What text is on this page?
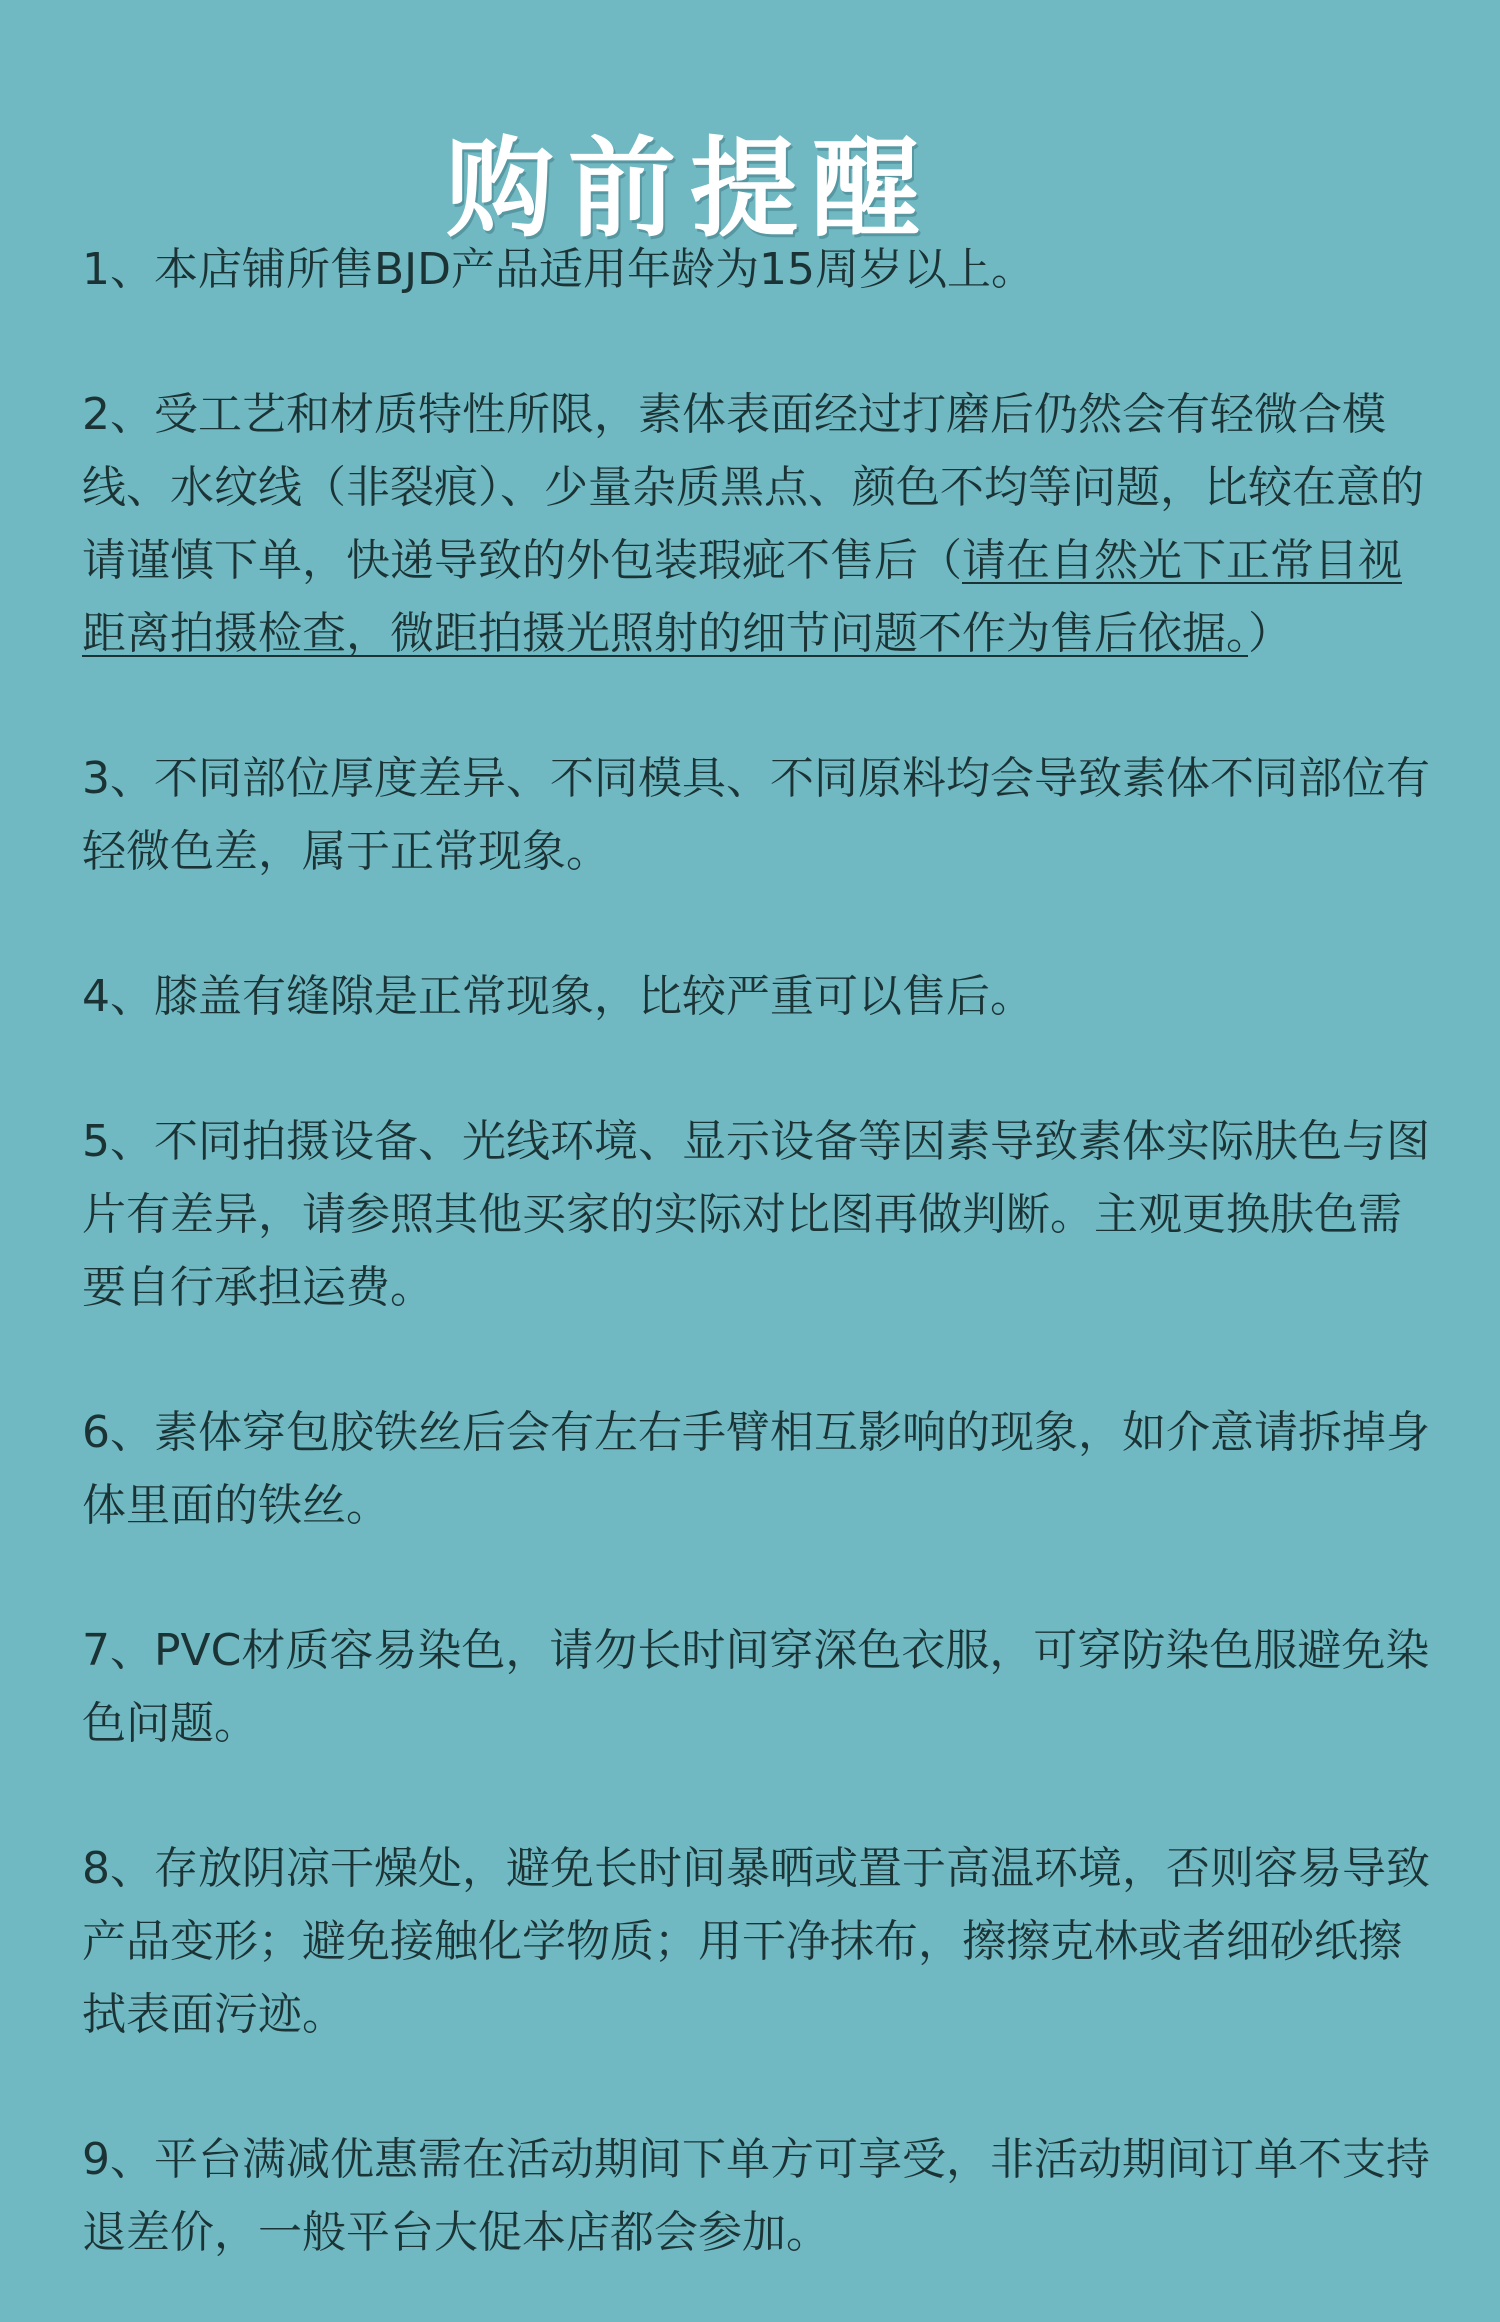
购前提醒
1、本店铺所售BJD产品适用年龄为15周岁以上。
2、受工艺和材质特性所限，素体表面经过打磨后仍然会有轻微合模线、水纹线（非裂痕）、少量杂质黑点、颜色不均等问题，比较在意的请谨慎下单，快递导致的外包装瑕疵不售后（请在自然光下正常目视距离拍摄检查，微距拍摄光照射的细节问题不作为售后依据。）
3、不同部位厚度差异、不同模具、不同原料均会导致素体不同部位有轻微色差，属于正常现象。
4、膝盖有缝隙是正常现象，比较严重可以售后。
5、不同拍摄设备、光线环境、显示设备等因素导致素体实际肤色与图片有差异，请参照其他买家的实际对比图再做判断。主观更换肤色需要自行承担运费。
6、素体穿包胶铁丝后会有左右手臂相互影响的现象，如介意请拆掉身体里面的铁丝。
7、PVC材质容易染色，请勿长时间穿深色衣服，可穿防染色服避免染色问题。
8、存放阴凉干燥处，避免长时间暴晒或置于高温环境，否则容易导致产品变形；避免接触化学物质；用干净抹布，擦擦克林或者细砂纸擦拭表面污迹。
9、平台满减优惠需在活动期间下单方可享受，非活动期间订单不支持退差价，一般平台大促本店都会参加。
